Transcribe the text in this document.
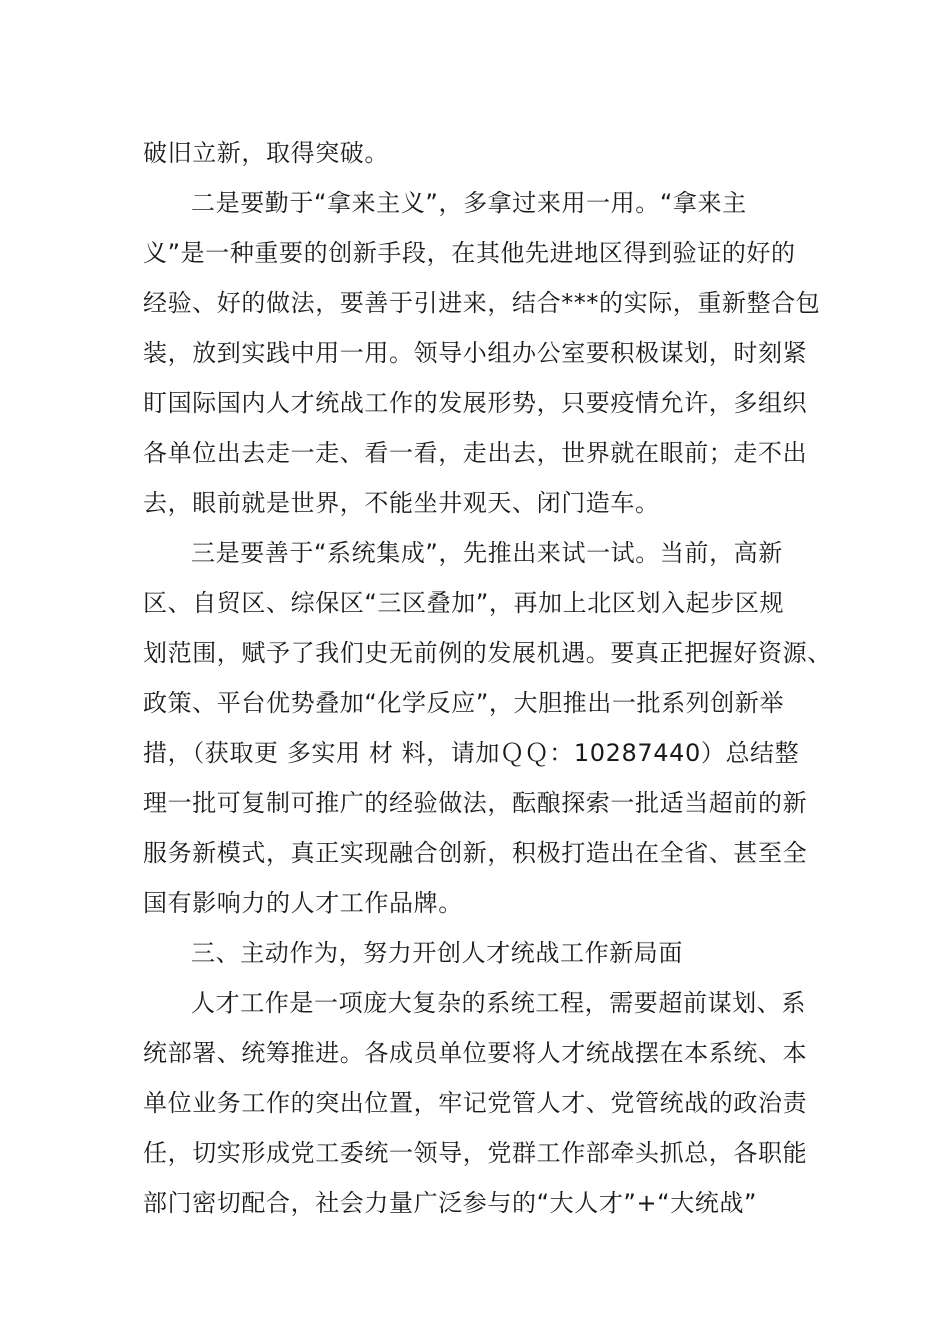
破旧立新，取得突破。
二是要勤于“拿来主义”，多拿过来用一用。“拿来主
义”是一种重要的创新手段，在其他先进地区得到验证的好的
经验、好的做法，要善于引进来，结合***的实际，重新整合包
装，放到实践中用一用。领导小组办公室要积极谋划，时刻紧
盯国际国内人才统战工作的发展形势，只要疫情允许，多组织
各单位出去走一走、看一看，走出去，世界就在眼前；走不出
去，眼前就是世界，不能坐井观天、闭门造车。
三是要善于“系统集成”，先推出来试一试。当前，高新
区、自贸区、综保区“三区叠加”，再加上北区划入起步区规
划范围，赋予了我们史无前例的发展机遇。要真正把握好资源、
政策、平台优势叠加“化学反应”，大胆推出一批系列创新举
措，（获取更 多实用 材 料，请加ＱＱ：10287440）总结整
理一批可复制可推广的经验做法，酝酿探索一批适当超前的新
服务新模式，真正实现融合创新，积极打造出在全省、甚至全
国有影响力的人才工作品牌。
三、主动作为，努力开创人才统战工作新局面
人才工作是一项庞大复杂的系统工程，需要超前谋划、系
统部署、统筹推进。各成员单位要将人才统战摆在本系统、本
单位业务工作的突出位置，牢记党管人才、党管统战的政治责
任，切实形成党工委统一领导，党群工作部牵头抓总，各职能
部门密切配合，社会力量广泛参与的“大人才”+“大统战”
